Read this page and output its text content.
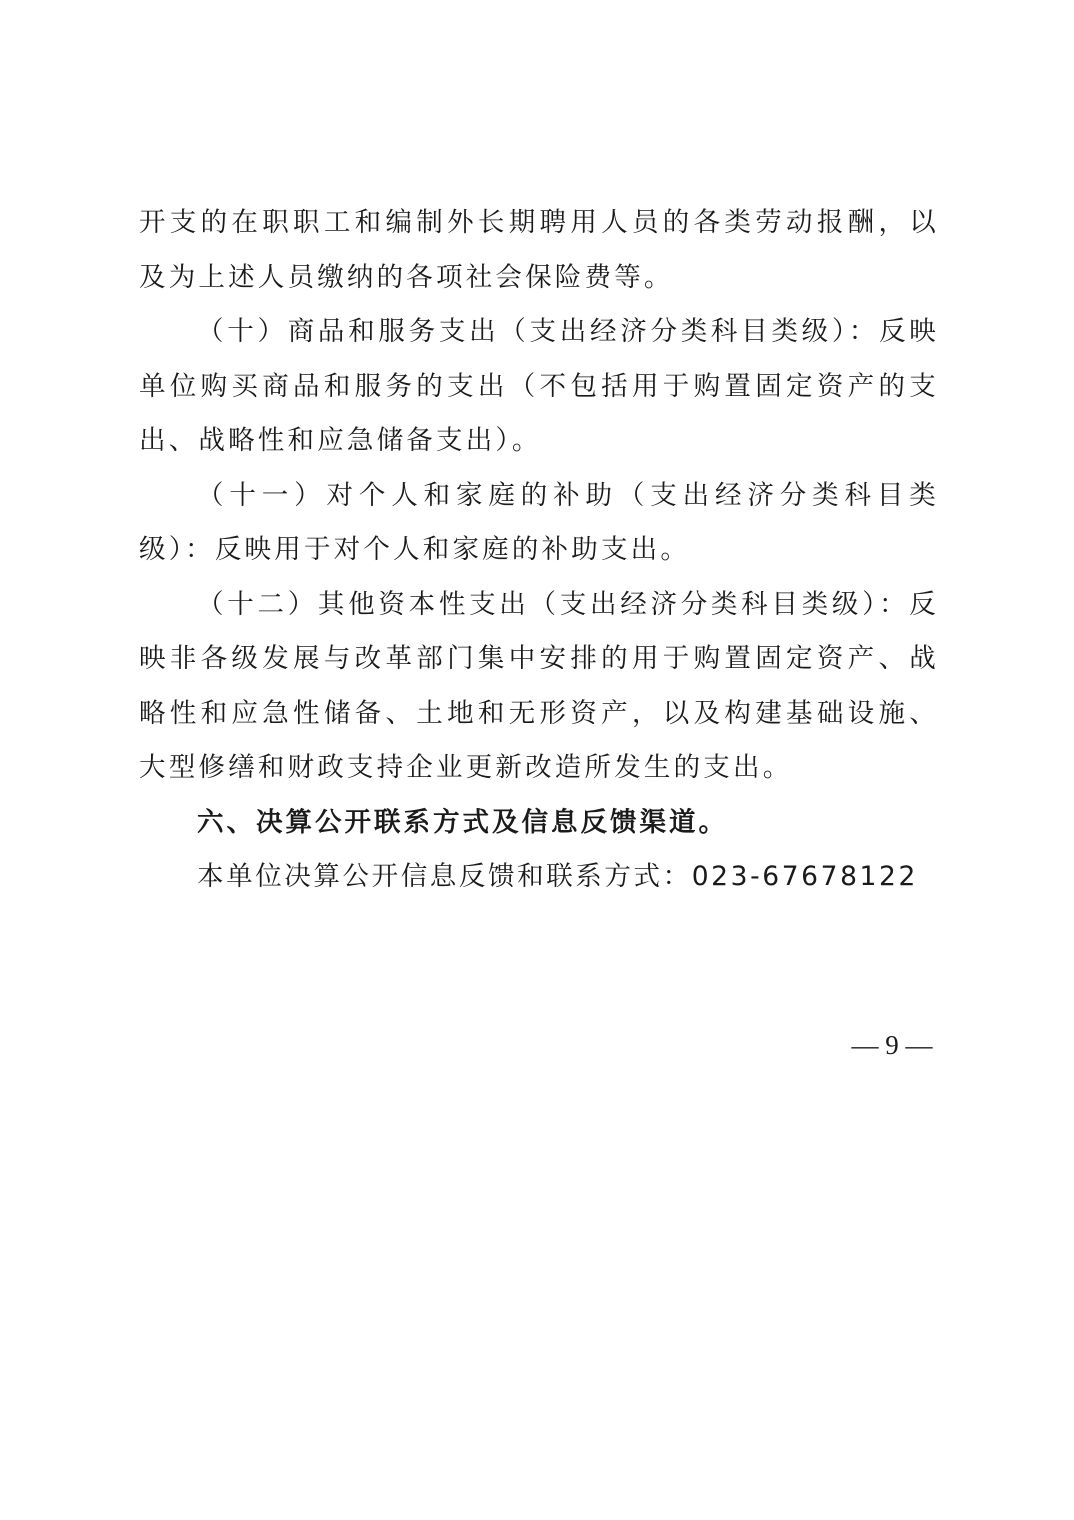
开支的在职职工和编制外长期聘用人员的各类劳动报酬，以及为上述人员缴纳的各项社会保险费等。

（十）商品和服务支出（支出经济分类科目类级）：反映单位购买商品和服务的支出（不包括用于购置固定资产的支出、战略性和应急储备支出）。

（十一）对个人和家庭的补助（支出经济分类科目类级）：反映用于对个人和家庭的补助支出。

（十二）其他资本性支出（支出经济分类科目类级）：反映非各级发展与改革部门集中安排的用于购置固定资产、战略性和应急性储备、土地和无形资产，以及构建基础设施、大型修缮和财政支持企业更新改造所发生的支出。

六、决算公开联系方式及信息反馈渠道。

本单位决算公开信息反馈和联系方式：023-67678122

— 9 —
